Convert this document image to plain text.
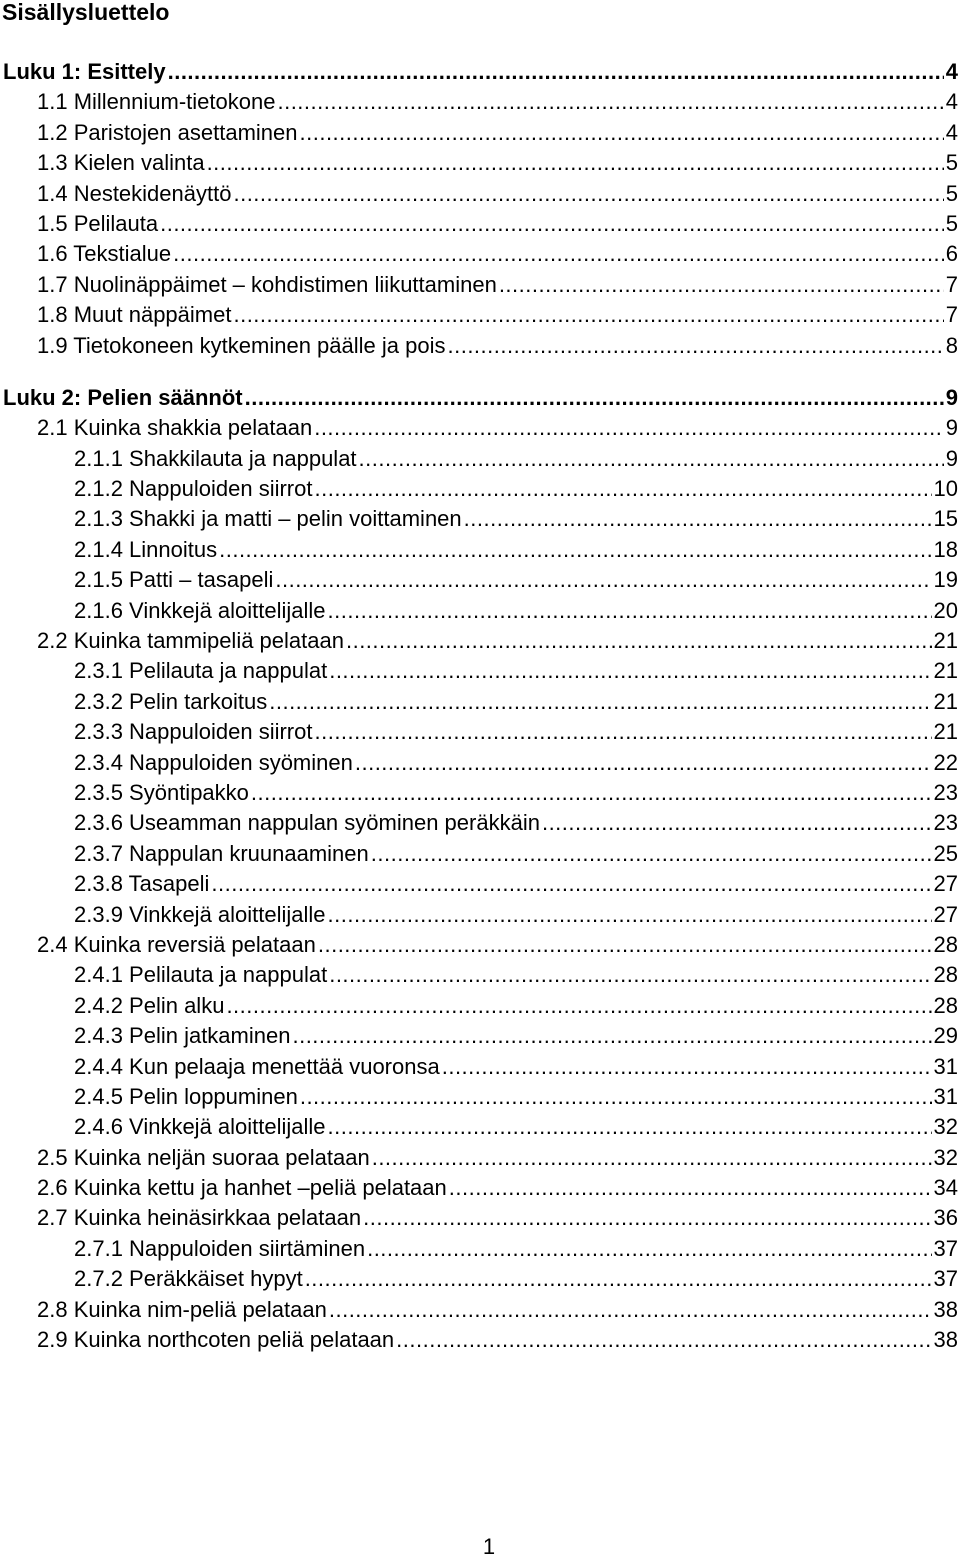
Sisällysluettelo
Luku 1: Esittely .....	4
1.1 Millennium-tietokone .....	4
1.2 Paristojen asettaminen .....	4
1.3 Kielen valinta .....	5
1.4 Nestekidenäyttö .....	5
1.5 Pelilauta .....	5
1.6 Tekstialue .....	6
1.7 Nuolinäppäimet – kohdistimen liikuttaminen .....	7
1.8 Muut näppäimet .....	7
1.9 Tietokoneen kytkeminen päälle ja pois .....	8
Luku 2: Pelien säännöt .....	9
2.1 Kuinka shakkia pelataan .....	9
2.1.1 Shakkilauta ja nappulat .....	9
2.1.2 Nappuloiden siirrot .....	10
2.1.3 Shakki ja matti – pelin voittaminen .....	15
2.1.4 Linnoitus .....	18
2.1.5 Patti – tasapeli .....	19
2.1.6 Vinkkejä aloittelijalle .....	20
2.2 Kuinka tammipeliä pelataan .....	21
2.3.1 Pelilauta ja nappulat .....	21
2.3.2 Pelin tarkoitus .....	21
2.3.3 Nappuloiden siirrot .....	21
2.3.4 Nappuloiden syöminen .....	22
2.3.5 Syöntipakko .....	23
2.3.6 Useamman nappulan syöminen peräkkäin .....	23
2.3.7 Nappulan kruunaaminen .....	25
2.3.8 Tasapeli .....	27
2.3.9 Vinkkejä aloittelijalle .....	27
2.4 Kuinka reversiä pelataan .....	28
2.4.1 Pelilauta ja nappulat .....	28
2.4.2 Pelin alku .....	28
2.4.3 Pelin jatkaminen .....	29
2.4.4 Kun pelaaja menettää vuoronsa .....	31
2.4.5 Pelin loppuminen .....	31
2.4.6 Vinkkejä aloittelijalle .....	32
2.5 Kuinka neljän suoraa pelataan .....	32
2.6 Kuinka kettu ja hanhet –peliä pelataan .....	34
2.7 Kuinka heinäsirkkaa pelataan .....	36
2.7.1 Nappuloiden siirtäminen .....	37
2.7.2 Peräkkäiset hypyt .....	37
2.8 Kuinka nim-peliä pelataan .....	38
2.9 Kuinka northcoten peliä pelataan .....	38
1
